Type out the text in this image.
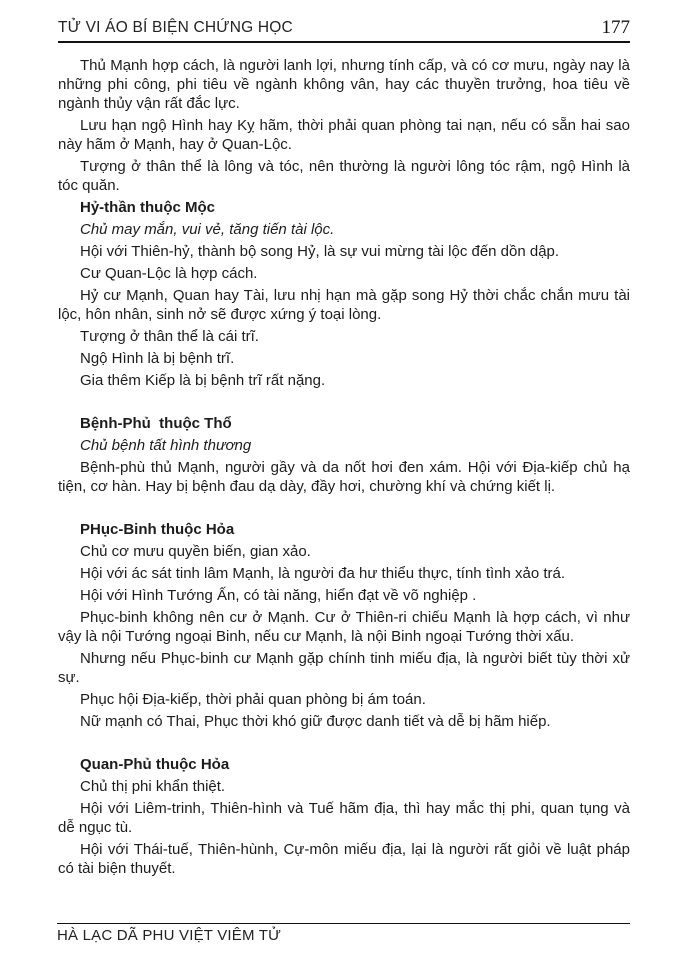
TỬ VI ÁO BÍ BIỆN CHỨNG HỌC	177

Thủ Mạnh hợp cách, là người lanh lợi, nhưng tính cấp, và có cơ mưu, ngày nay là những phi công, phi tiêu về ngành không vân, hay các thuyền trưởng, hoa tiêu về ngành thủy vận rất đắc lực.

Lưu hạn ngộ Hình hay Kỵ hãm, thời phải quan phòng tai nạn, nếu có sẵn hai sao này hãm ở Mạnh, hay ở Quan-Lộc.

Tượng ở thân thể là lông và tóc, nên thường là người lông tóc rậm, ngộ Hình là tóc quăn.

Hỷ-thần thuộc Mộc

Chủ may mắn, vui vẻ, tăng tiến tài lộc.

Hội với Thiên-hỷ, thành bộ song Hỷ, là sự vui mừng tài lộc đến dồn dập.

Cư Quan-Lộc là hợp cách.

Hỷ cư Mạnh, Quan hay Tài, lưu nhị hạn mà gặp song Hỷ thời chắc chắn mưu tài lộc, hôn nhân, sinh nở sẽ được xứng ý toại lòng.

Tượng ở thân thể là cái trĩ.

Ngộ Hình là bị bệnh trĩ.

Gia thêm Kiếp là bị bệnh trĩ rất nặng.

Bệnh-Phủ  thuộc Thổ

Chủ bệnh tất hình thương

Bệnh-phù thủ Mạnh, người gầy và da nốt hơi đen xám. Hội với Địa-kiếp chủ hạ tiện, cơ hàn. Hay bị bệnh đau dạ dày, đầy hơi, chường khí và chứng kiết lị.

PHục-Binh thuộc Hỏa

Chủ cơ mưu quyền biến, gian xảo.

Hội với ác sát tinh lâm Mạnh, là người đa hư thiểu thực, tính tình xảo trá.

Hội với Hình Tướng Ấn, có tài năng, hiển đạt về võ nghiệp .

Phục-binh không nên cư ở Mạnh. Cư ở Thiên-ri chiếu Mạnh là hợp cách, vì như vậy là nội Tướng ngoại Binh, nếu cư Mạnh, là nội Binh ngoại Tướng thời xấu.

Nhưng nếu Phục-binh cư Mạnh gặp chính tinh miếu địa, là người biết tùy thời xử sự.

Phục hội Địa-kiếp, thời phải quan phòng bị ám toán.

Nữ mạnh có Thai, Phục thời khó giữ được danh tiết và dễ bị hãm hiếp.

Quan-Phủ thuộc Hỏa

Chủ thị phi khẩn thiệt.

Hội với Liêm-trinh, Thiên-hình và Tuế hãm địa, thì hay mắc thị phi, quan tụng và dễ ngục tù.

Hội với Thái-tuế, Thiên-hùnh, Cự-môn miếu địa, lại là người rất giỏi về luật pháp có tài biện thuyết.

HÀ LẠC DÃ PHU VIỆT VIÊM TỬ
